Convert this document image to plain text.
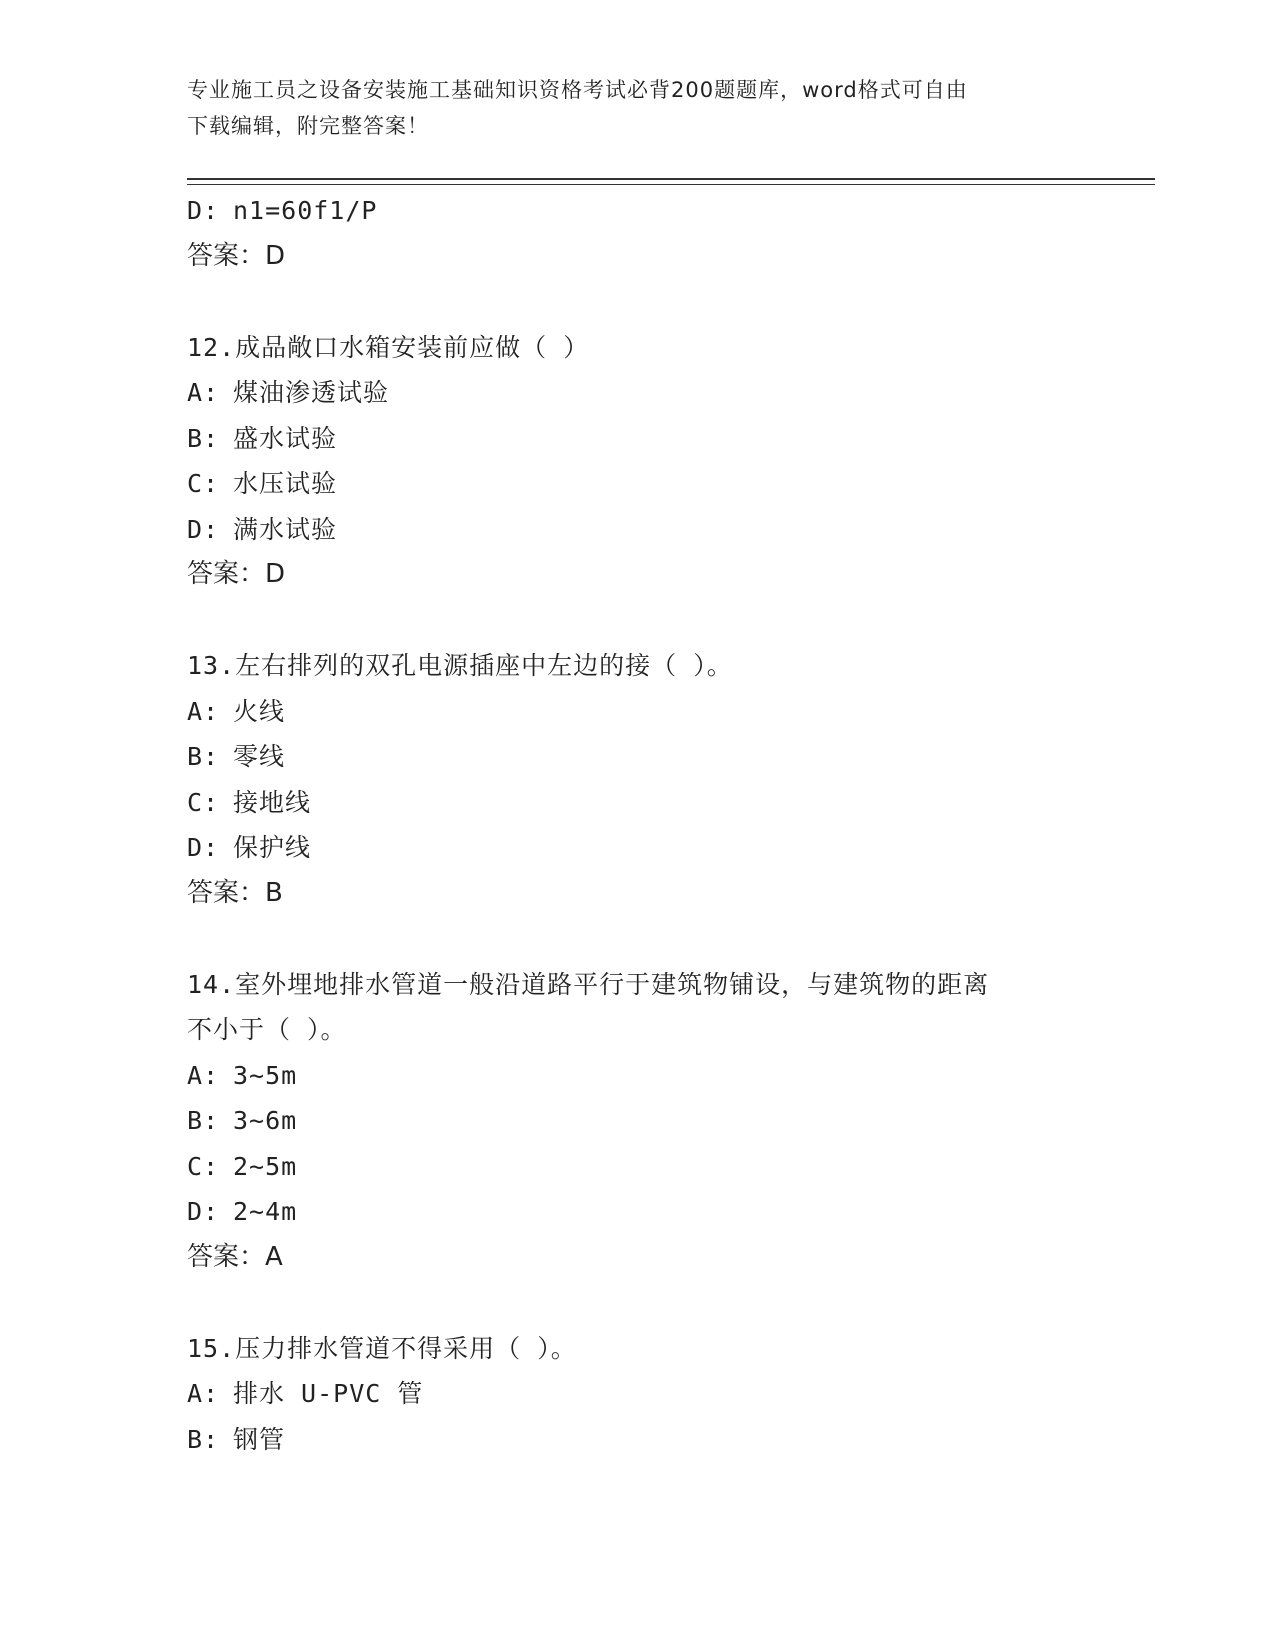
专业施工员之设备安装施工基础知识资格考试必背200题题库，word格式可自由
下载编辑，附完整答案！
D: n1=60f1/P
答案：D
12.成品敞口水箱安装前应做（ ）
A: 煤油渗透试验
B: 盛水试验
C: 水压试验
D: 满水试验
答案：D
13.左右排列的双孔电源插座中左边的接（ ）。
A: 火线
B: 零线
C: 接地线
D: 保护线
答案：B
14.室外埋地排水管道一般沿道路平行于建筑物铺设，与建筑物的距离
不小于（ ）。
A: 3~5m
B: 3~6m
C: 2~5m
D: 2~4m
答案：A
15.压力排水管道不得采用（ ）。
A: 排水 U-PVC 管
B: 钢管
